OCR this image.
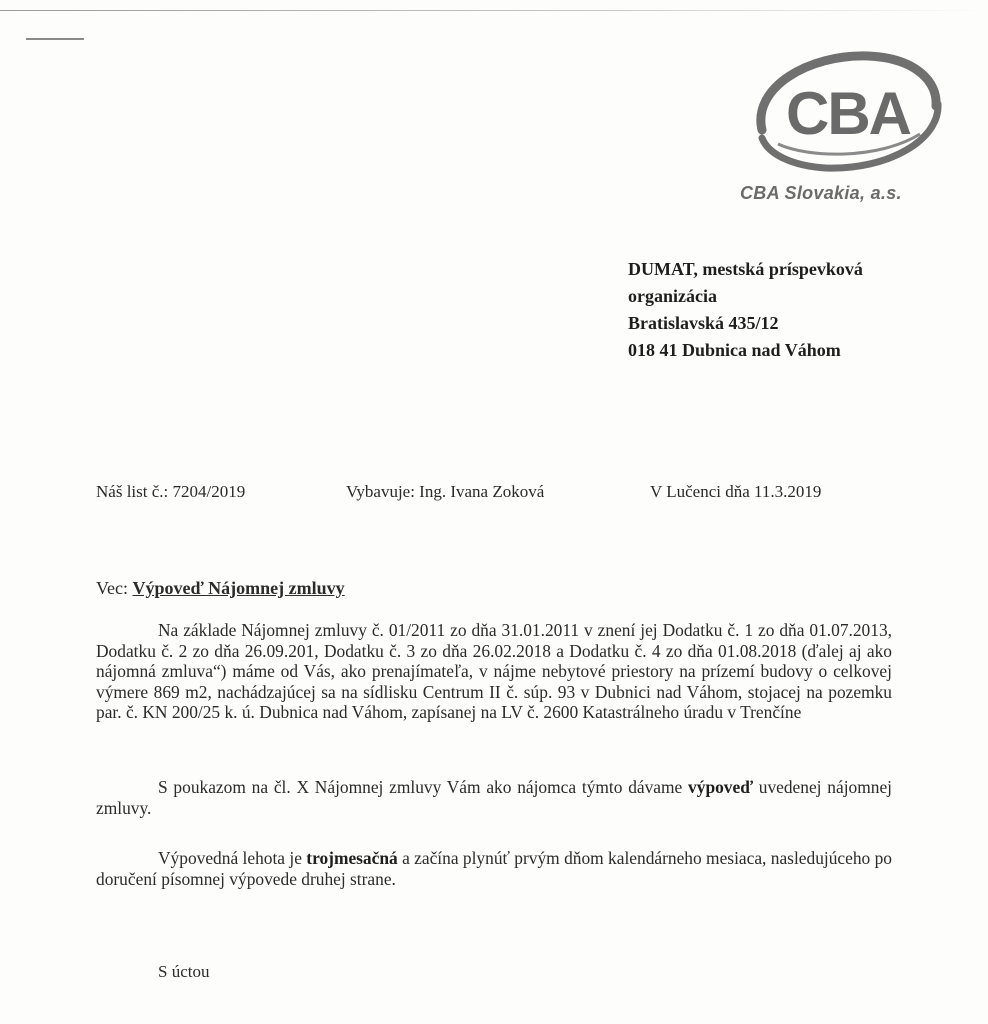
CBA
CBA Slovakia, a.s.
DUMAT, mestská príspevková
organizácia
Bratislavská 435/12
018 41 Dubnica nad Váhom
Náš list č.: 7204/2019	Vybavuje: Ing. Ivana Zoková	V Lučenci dňa 11.3.2019
Vec: Výpoveď Nájomnej zmluvy

Na základe Nájomnej zmluvy č. 01/2011 zo dňa 31.01.2011 v znení jej Dodatku č. 1 zo dňa 01.07.2013, Dodatku č. 2 zo dňa 26.09.201, Dodatku č. 3 zo dňa 26.02.2018 a Dodatku č. 4 zo dňa 01.08.2018 (ďalej aj ako nájomná zmluva“) máme od Vás, ako prenajímateľa, v nájme nebytové priestory na prízemí budovy o celkovej výmere 869 m2, nachádzajúcej sa na sídlisku Centrum II č. súp. 93 v Dubnici nad Váhom, stojacej na pozemku par. č. KN 200/25 k. ú. Dubnica nad Váhom, zapísanej na LV č. 2600 Katastrálneho úradu v Trenčíne

S poukazom na čl. X Nájomnej zmluvy Vám ako nájomca týmto dávame výpoveď uvedenej nájomnej zmluvy.

Výpovedná lehota je trojmesačná a začína plynúť prvým dňom kalendárneho mesiaca, nasledujúceho po doručení písomnej výpovede druhej strane.

S úctou
